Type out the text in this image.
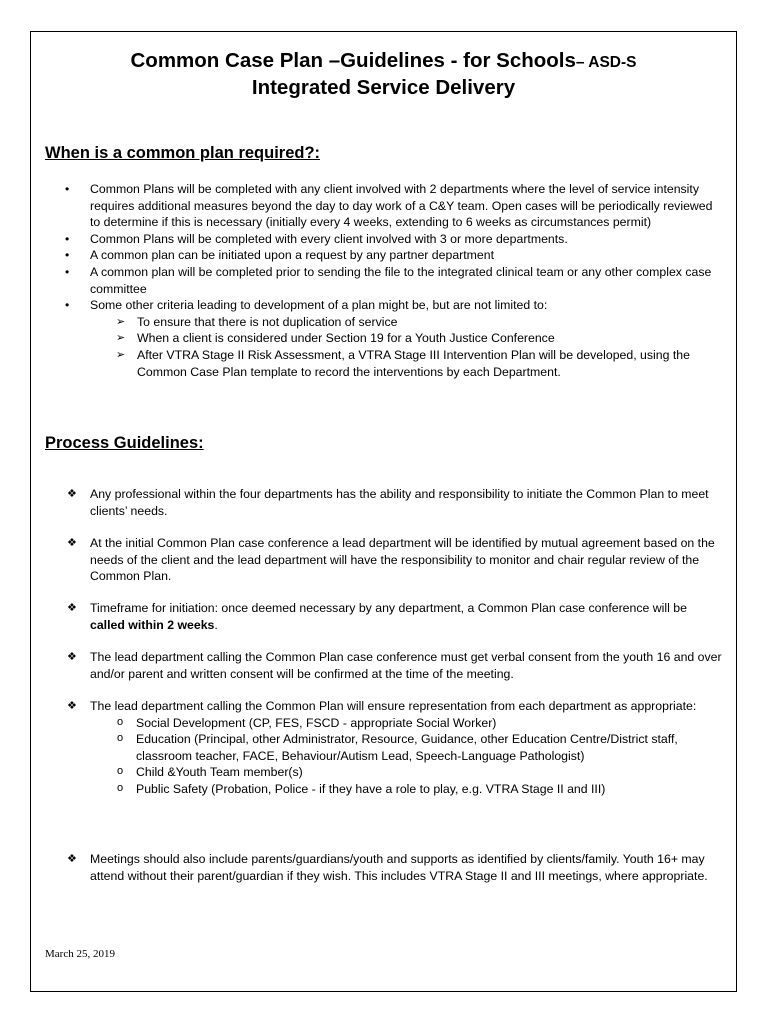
Common Case Plan –Guidelines - for Schools– ASD-S
Integrated Service Delivery
When is a common plan required?:
• Common Plans will be completed with any client involved with 2 departments where the level of service intensity requires additional measures beyond the day to day work of a C&Y team. Open cases will be periodically reviewed to determine if this is necessary (initially every 4 weeks, extending to 6 weeks as circumstances permit)
• Common Plans will be completed with every client involved with 3 or more departments.
• A common plan can be initiated upon a request by any partner department
• A common plan will be completed prior to sending the file to the integrated clinical team or any other complex case committee
• Some other criteria leading to development of a plan might be, but are not limited to:
➢ To ensure that there is not duplication of service
➢ When a client is considered under Section 19 for a Youth Justice Conference
➢ After VTRA Stage II Risk Assessment, a VTRA Stage III Intervention Plan will be developed, using the Common Case Plan template to record the interventions by each Department.
Process Guidelines:
❖ Any professional within the four departments has the ability and responsibility to initiate the Common Plan to meet clients’ needs.
❖ At the initial Common Plan case conference a lead department will be identified by mutual agreement based on the needs of the client and the lead department will have the responsibility to monitor and chair regular review of the Common Plan.
❖ Timeframe for initiation: once deemed necessary by any department, a Common Plan case conference will be called within 2 weeks.
❖ The lead department calling the Common Plan case conference must get verbal consent from the youth 16 and over and/or parent and written consent will be confirmed at the time of the meeting.
❖ The lead department calling the Common Plan will ensure representation from each department as appropriate:
o Social Development (CP, FES, FSCD - appropriate Social Worker)
o Education (Principal, other Administrator, Resource, Guidance, other Education Centre/District staff, classroom teacher, FACE, Behaviour/Autism Lead, Speech-Language Pathologist)
o Child &Youth Team member(s)
o Public Safety (Probation, Police - if they have a role to play, e.g. VTRA Stage II and III)
❖ Meetings should also include parents/guardians/youth and supports as identified by clients/family. Youth 16+ may attend without their parent/guardian if they wish. This includes VTRA Stage II and III meetings, where appropriate.
March 25, 2019
